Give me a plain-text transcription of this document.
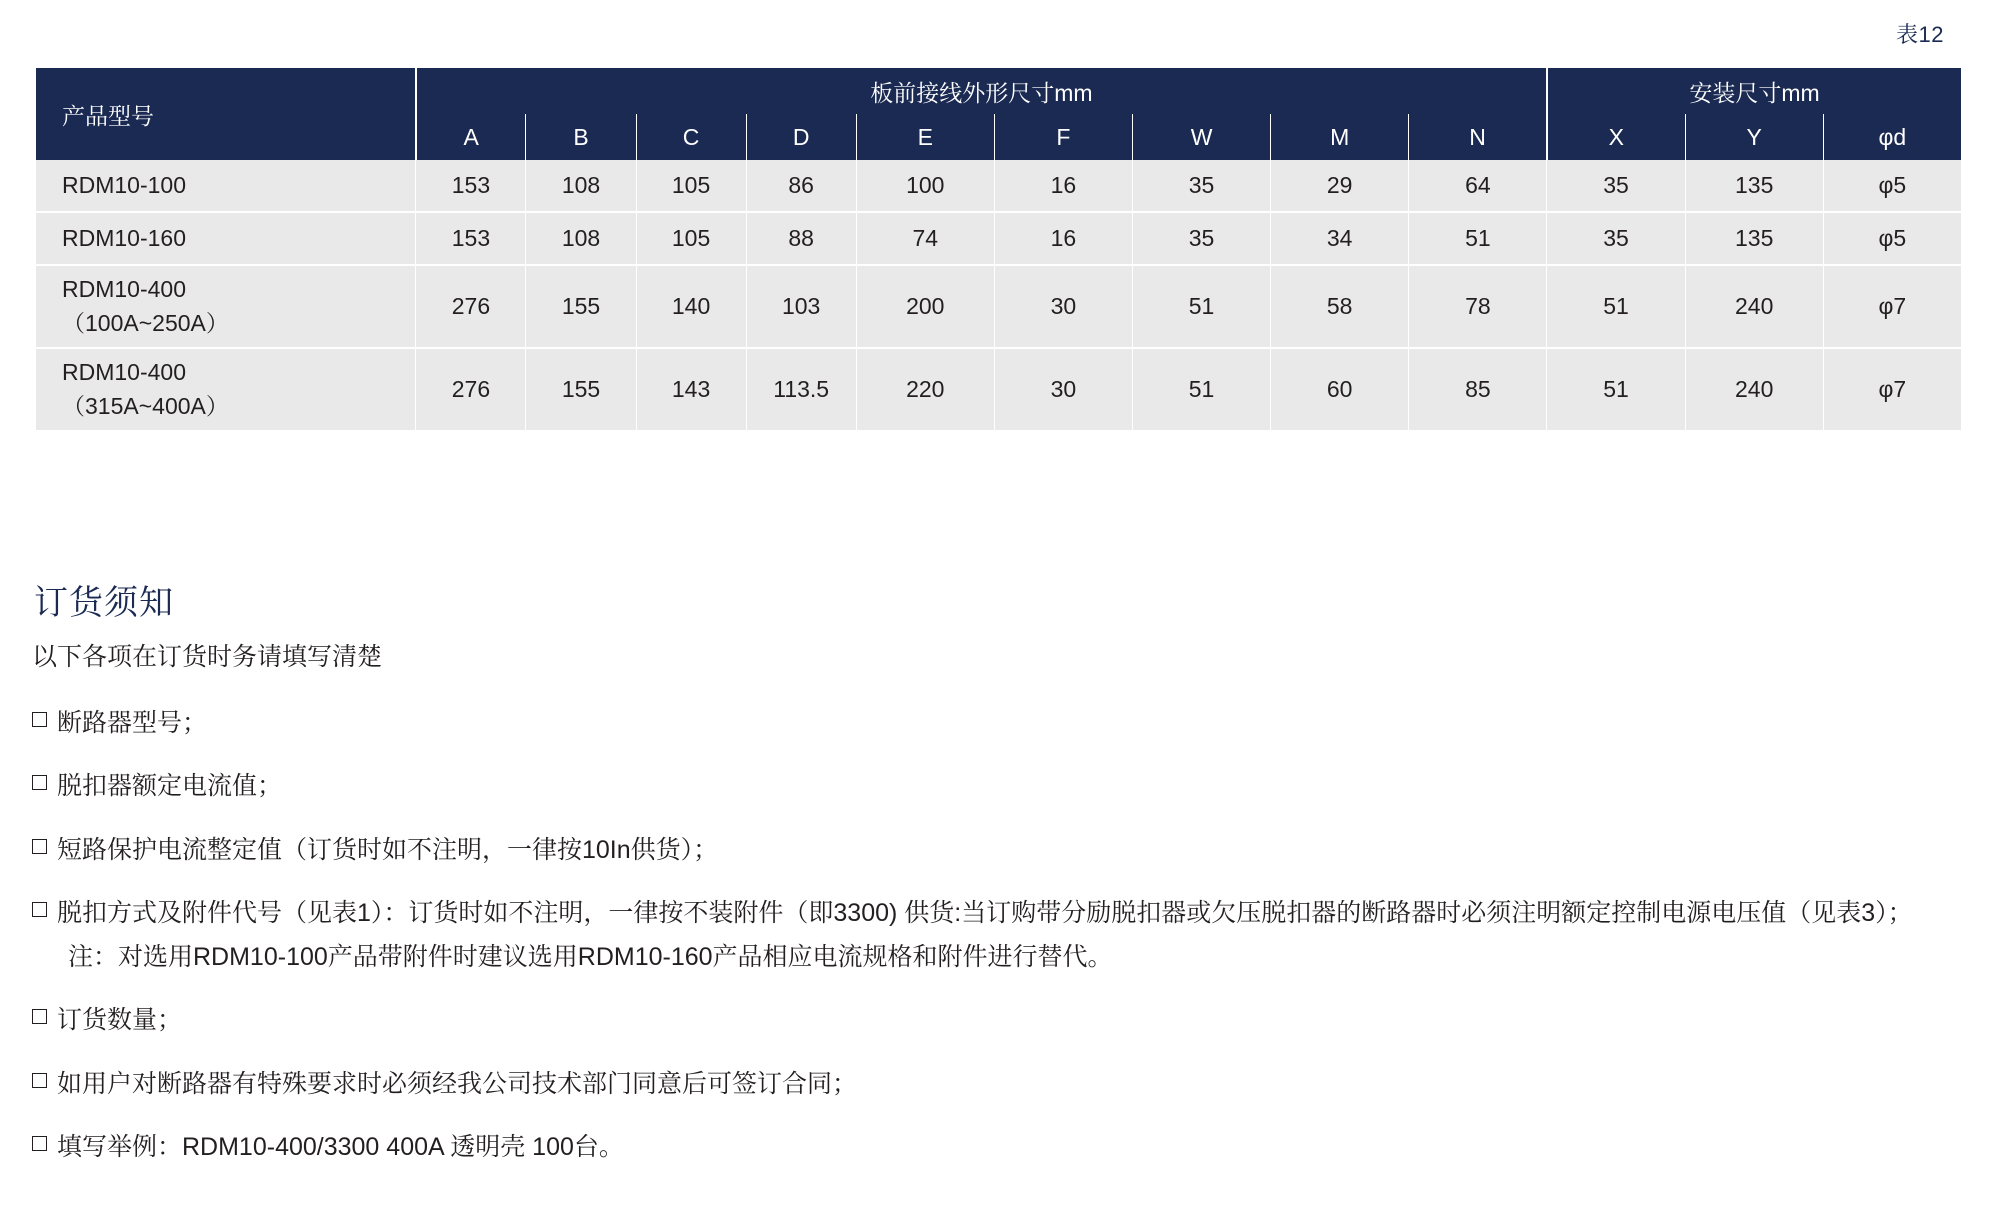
表12
产品型号	板前接线外形尺寸mm									安装尺寸mm		
	A	B	C	D	E	F	W	M	N	X	Y	φd

RDM10-100	153	108	105	86	100	16	35	29	64	35	135	φ5

RDM10-160	153	108	105	88	74	16	35	34	51	35	135	φ5

RDM10-400
（100A~250A）	276	155	140	103	200	30	51	58	78	51	240	φ7

RDM10-400
（315A~400A）	276	155	143	113.5	220	30	51	60	85	51	240	φ7
订货须知

以下各项在订货时务请填写清楚

断路器型号；

脱扣器额定电流值；

短路保护电流整定值（订货时如不注明，一律按10In供货）；

脱扣方式及附件代号（见表1）：订货时如不注明，一律按不装附件（即3300) 供货:当订购带分励脱扣器或欠压脱扣器的断路器时必须注明额定控制电源电压值（见表3）；
注：对选用RDM10-100产品带附件时建议选用RDM10-160产品相应电流规格和附件进行替代。

订货数量；

如用户对断路器有特殊要求时必须经我公司技术部门同意后可签订合同；

填写举例：RDM10-400/3300 400A 透明壳 100台。
